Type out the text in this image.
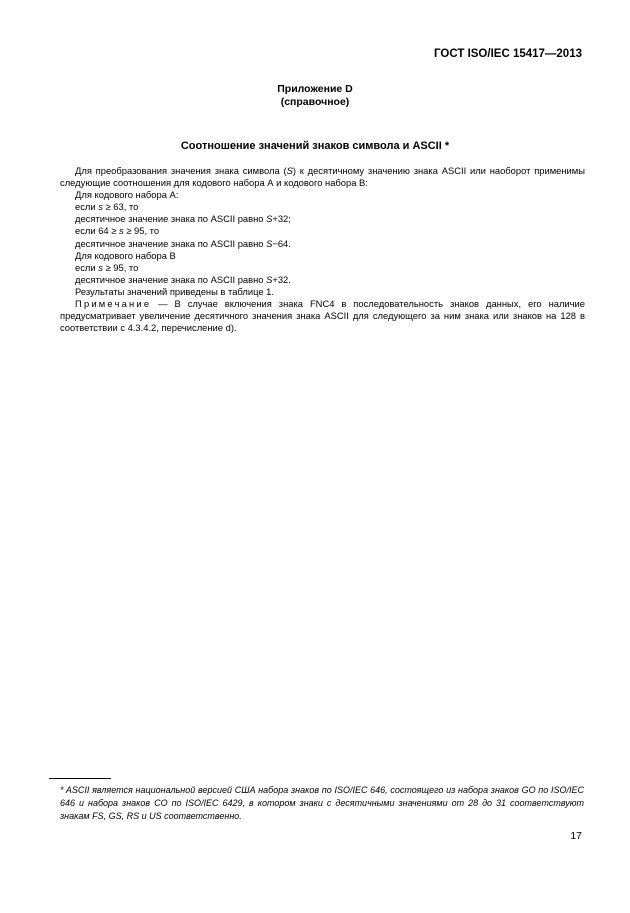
ГОСТ ISO/IEC 15417—2013
Приложение D
(справочное)
Соотношение значений знаков символа и ASCII *

Для преобразования значения знака символа (S) к десятичному значению знака ASCII или наоборот применимы следующие соотношения для кодового набора А и кодового набора В:

Для кодового набора А:

если s ≥ 63, то

десятичное значение знака по ASCII равно S+32;

если 64 ≥ s ≥ 95, то

десятичное значение знака по ASCII равно S−64.

Для кодового набора В

если s ≥ 95, то

десятичное значение знака по ASCII равно S+32.

Результаты значений приведены в таблице 1.

Примечание — В случае включения знака FNC4 в последовательность знаков данных, его наличие предусматривает увеличение десятичного значения знака ASCII для следующего за ним знака или знаков на 128 в соответствии с 4.3.4.2, перечисление d).

* ASCII является национальной версией США набора знаков по ISO/IEC 646, состоящего из набора знаков GO по ISO/IEC 646 и набора знаков CO по ISO/IEC 6429, в котором знаки с десятичными значениями от 28 до 31 соответствуют знакам FS, GS, RS и US соответственно.
17
